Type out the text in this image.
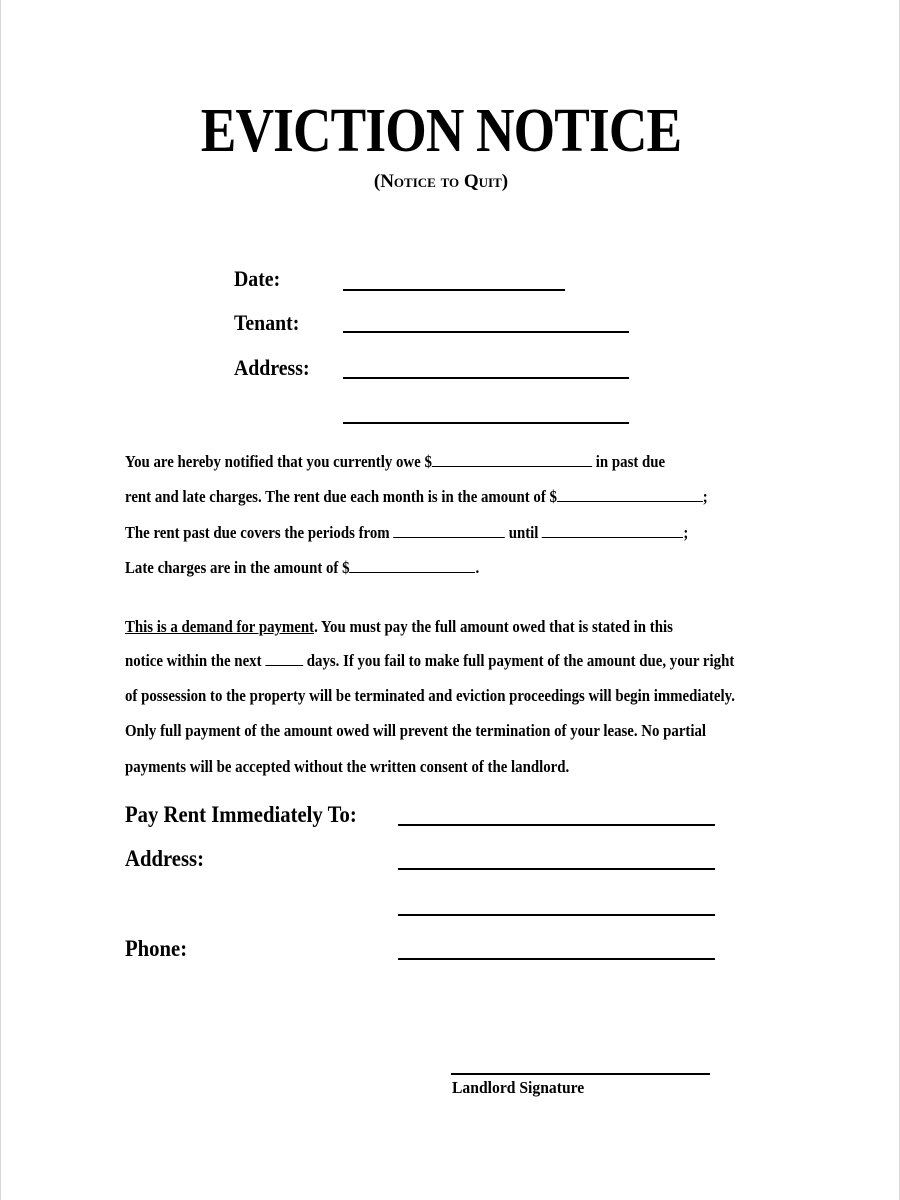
EVICTION NOTICE
(Notice to Quit)
Date:
Tenant:
Address:
You are hereby notified that you currently owe $	in past due
rent and late charges. The rent due each month is in the amount of $	;
The rent past due covers the periods from	until	;
Late charges are in the amount of $	.
This is a demand for payment. You must pay the full amount owed that is stated in this
notice within the next	days. If you fail to make full payment of the amount due, your right
of possession to the property will be terminated and eviction proceedings will begin immediately.
Only full payment of the amount owed will prevent the termination of your lease. No partial
payments will be accepted without the written consent of the landlord.
Pay Rent Immediately To:
Address:
Phone:
Landlord Signature
